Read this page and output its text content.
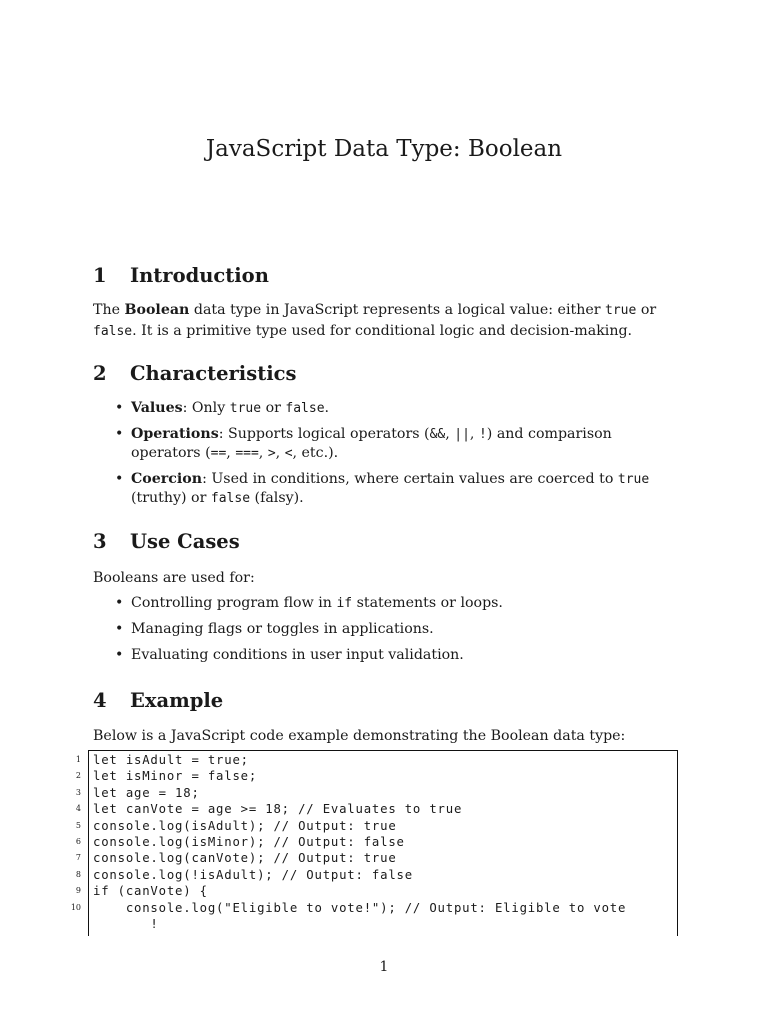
JavaScript Data Type: Boolean
1 Introduction

The Boolean data type in JavaScript represents a logical value: either true or false. It is a primitive type used for conditional logic and decision-making.

2 Characteristics
• Values: Only true or false.
• Operations: Supports logical operators (&&, ||, !) and comparison operators (==, ===, >, <, etc.).
• Coercion: Used in conditions, where certain values are coerced to true (truthy) or false (falsy).
3 Use Cases

Booleans are used for:

• Controlling program flow in if statements or loops.
• Managing flags or toggles in applications.
• Evaluating conditions in user input validation.
4 Example

Below is a JavaScript code example demonstrating the Boolean data type:

1 let isAdult = true;
2 let isMinor = false;
3 let age = 18;
4 let canVote = age >= 18; // Evaluates to true
5 console.log(isAdult); // Output: true
6 console.log(isMinor); // Output: false
7 console.log(canVote); // Output: true
8 console.log(!isAdult); // Output: false
9 if (canVote) {
10 console.log("Eligible to vote!"); // Output: Eligible to vote
!
1
